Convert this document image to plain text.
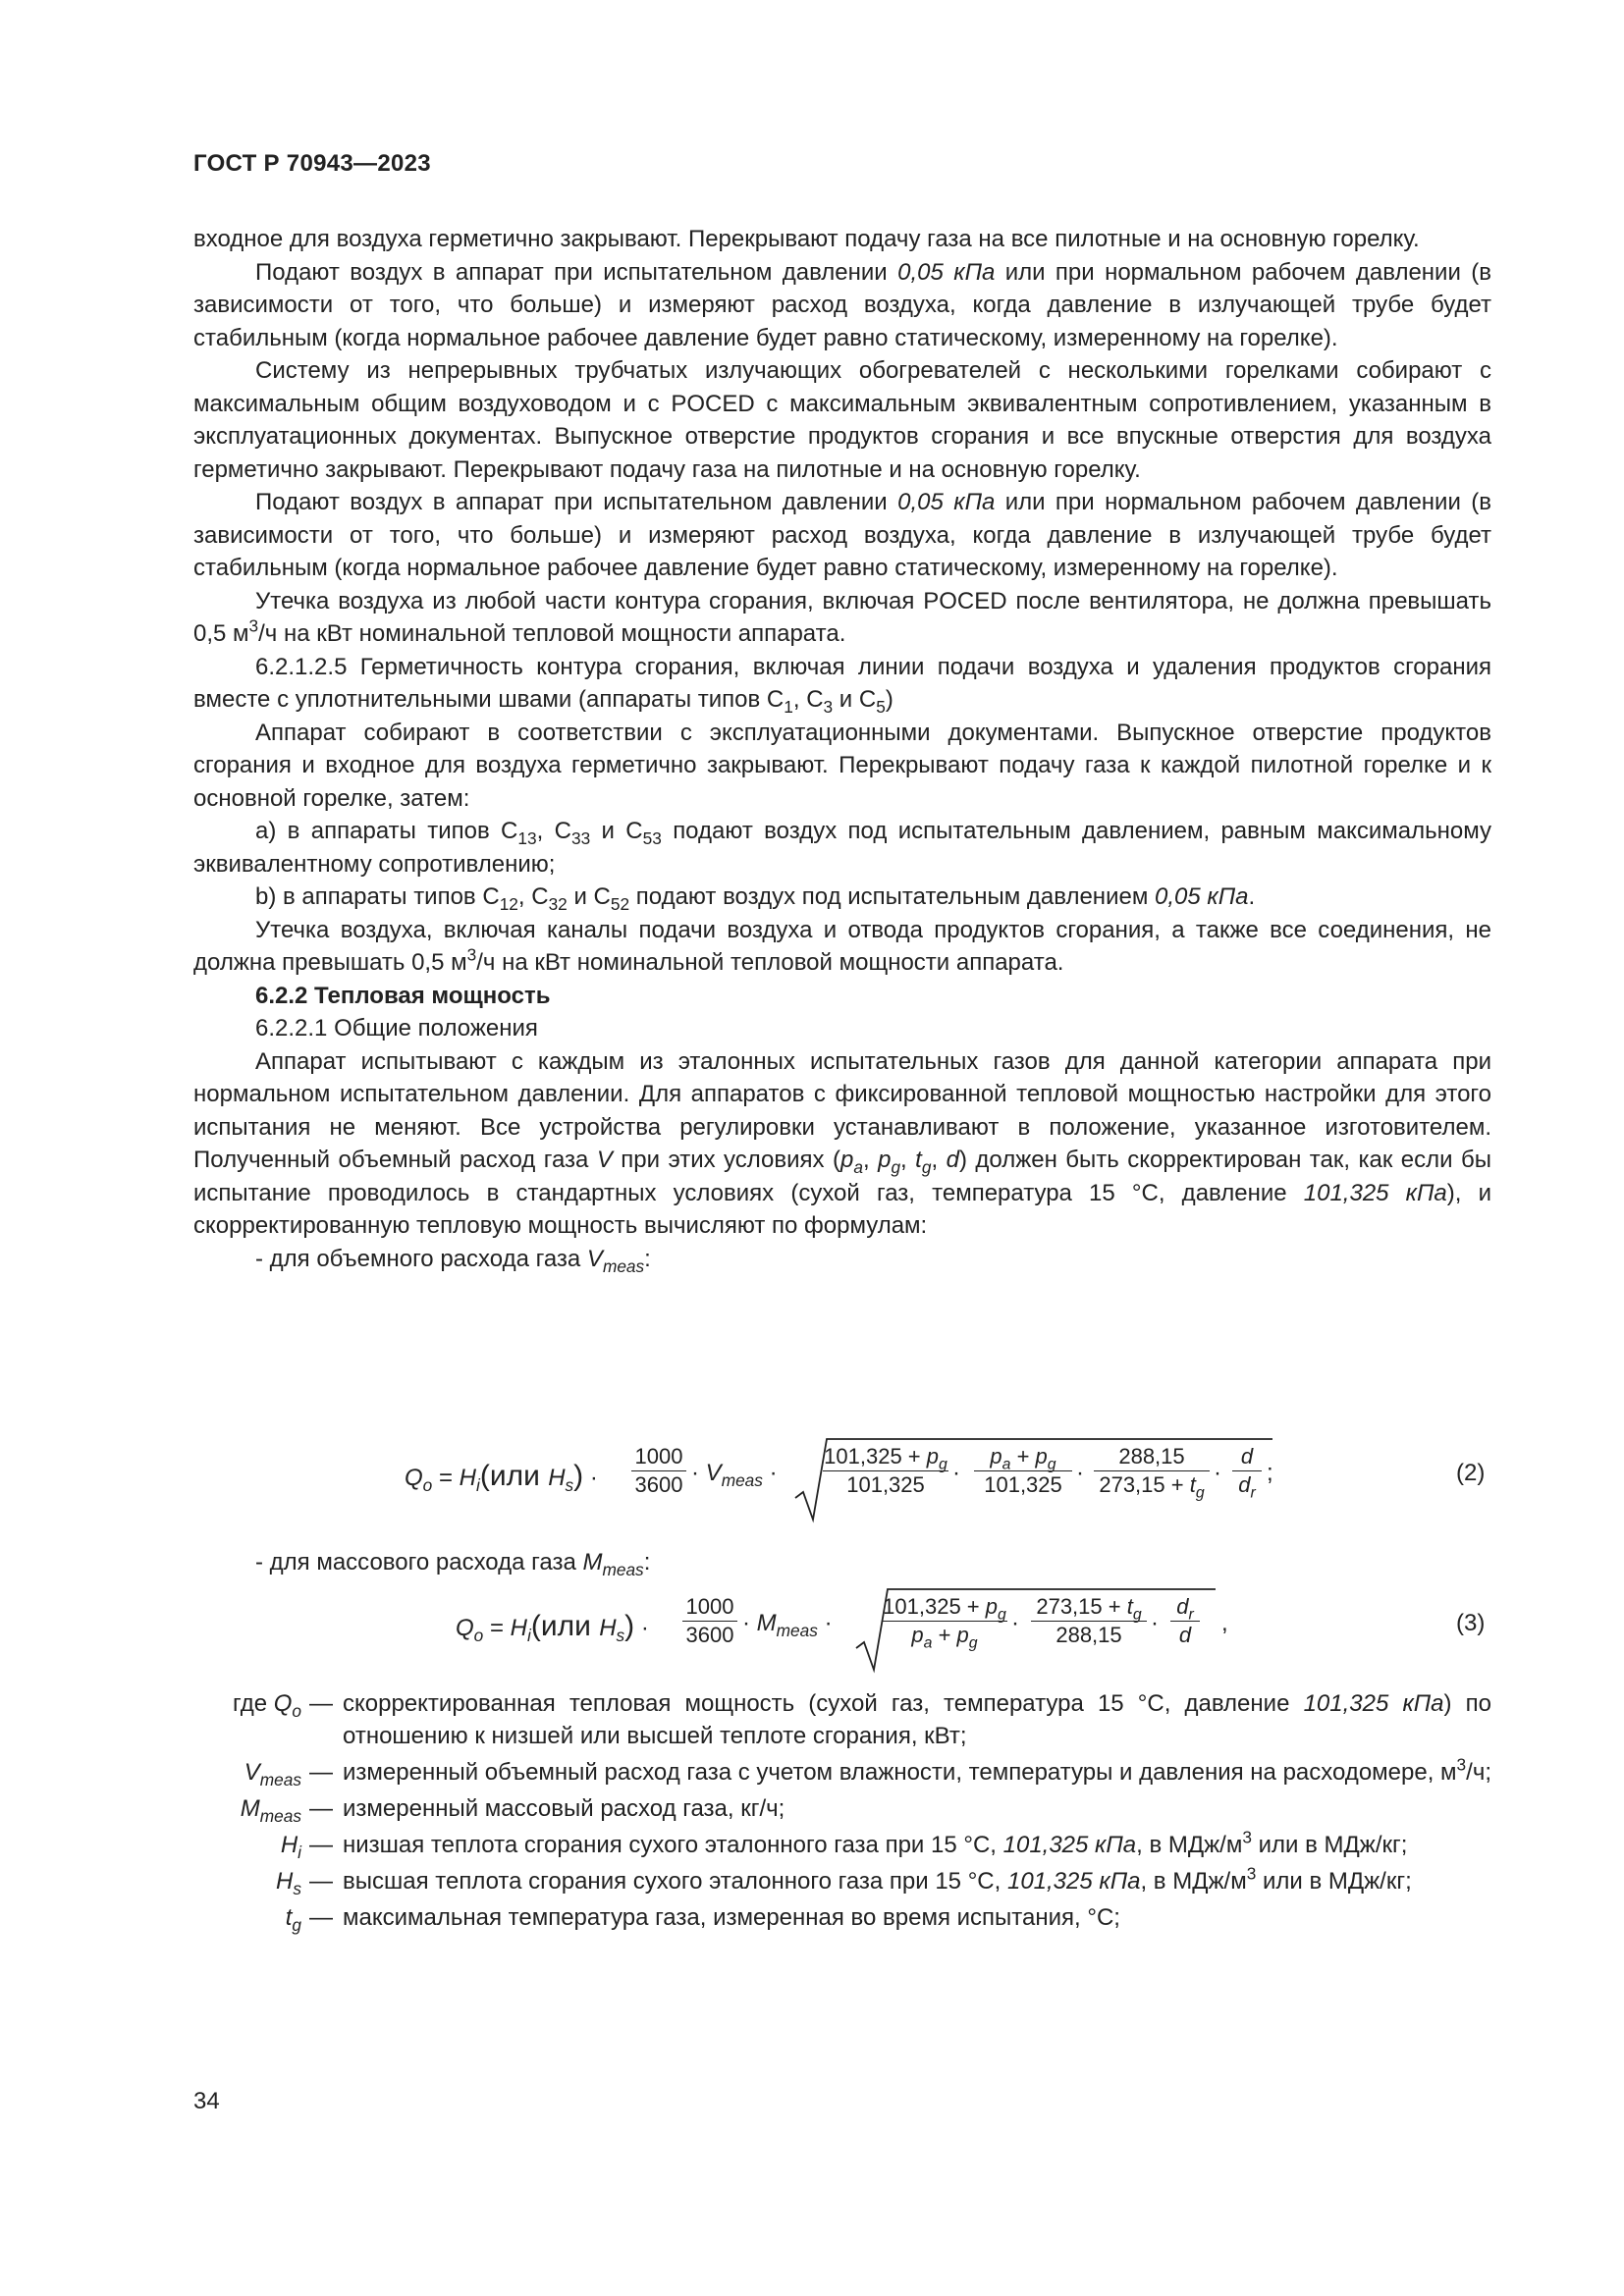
ГОСТ Р 70943—2023

входное для воздуха герметично закрывают. Перекрывают подачу газа на все пилотные и на основную горелку.

Подают воздух в аппарат при испытательном давлении 0,05 кПа или при нормальном рабочем давлении (в зависимости от того, что больше) и измеряют расход воздуха, когда давление в излучающей трубе будет стабильным (когда нормальное рабочее давление будет равно статическому, измеренному на горелке).

Систему из непрерывных трубчатых излучающих обогревателей с несколькими горелками собирают с максимальным общим воздуховодом и с POCED с максимальным эквивалентным сопротивлением, указанным в эксплуатационных документах. Выпускное отверстие продуктов сгорания и все впускные отверстия для воздуха герметично закрывают. Перекрывают подачу газа на пилотные и на основную горелку.

Подают воздух в аппарат при испытательном давлении 0,05 кПа или при нормальном рабочем давлении (в зависимости от того, что больше) и измеряют расход воздуха, когда давление в излучающей трубе будет стабильным (когда нормальное рабочее давление будет равно статическому, измеренному на горелке).

Утечка воздуха из любой части контура сгорания, включая POCED после вентилятора, не должна превышать 0,5 $м^3/ч$ на кВт номинальной тепловой мощности аппарата.

6.2.1.2.5 Герметичность контура сгорания, включая линии подачи воздуха и удаления продуктов сгорания вместе с уплотнительными швами (аппараты типов $С_1$, $С_3$ и $С_5$)

Аппарат собирают в соответствии с эксплуатационными документами. Выпускное отверстие продуктов сгорания и входное для воздуха герметично закрывают. Перекрывают подачу газа к каждой пилотной горелке и к основной горелке, затем:

а) в аппараты типов $С_{13}$, $С_{33}$ и $С_{53}$ подают воздух под испытательным давлением, равным максимальному эквивалентному сопротивлению;

b) в аппараты типов $С_{12}$, $С_{32}$ и $С_{52}$ подают воздух под испытательным давлением 0,05 кПа.

Утечка воздуха, включая каналы подачи воздуха и отвода продуктов сгорания, а также все соединения, не должна превышать 0,5 $м^3/ч$ на кВт номинальной тепловой мощности аппарата.

6.2.2 Тепловая мощность

6.2.2.1 Общие положения

Аппарат испытывают с каждым из эталонных испытательных газов для данной категории аппарата при нормальном испытательном давлении. Для аппаратов с фиксированной тепловой мощностью настройки для этого испытания не меняют. Все устройства регулировки устанавливают в положение, указанное изготовителем. Полученный объемный расход газа V при этих условиях ($p_a$, $p_g$, $t_g$, d) должен быть скорректирован так, как если бы испытание проводилось в стандартных условиях (сухой газ, температура 15 °С, давление 101,325 кПа), и скорректированную тепловую мощность вычисляют по формулам:

- для объемного расхода газа $V_{meas}$:

$Q_o = H_i(или$ $H_s) \cdot \frac{1000}{3600} \cdot V_{meas} \cdot \frac{101,325 + p_g}{101,325} \cdot \frac{p_a + p_g}{101,325} \cdot \frac{288,15}{273,15 + t_g} \cdot \frac{d}{d_r}$ ;	(2)
- для массового расхода газа $M_{meas}$:
$Q_o = H_i(или$ $H_s) \cdot \frac{1000}{3600} \cdot M_{meas} \cdot \frac{101,325 + p_g}{p_a + p_g} \cdot \frac{273,15 + t_g}{288,15} \cdot \frac{d_r}{d}$ ,	(3)
где $Q_o$ — скорректированная тепловая мощность (сухой газ, температура 15 °С, давление 101,325 кПа) по отношению к низшей или высшей теплоте сгорания, кВт;
$V_{meas}$ — измеренный объемный расход газа с учетом влажности, температуры и давления на расходомере, $м^3/ч$;
$M_{meas}$ — измеренный массовый расход газа, кг/ч;
$H_i$ — низшая теплота сгорания сухого эталонного газа при 15 °С, 101,325 кПа, в МДж/$м^3$ или в МДж/кг;
$H_s$ — высшая теплота сгорания сухого эталонного газа при 15 °С, 101,325 кПа, в МДж/$м^3$ или в МДж/кг;
$t_g$ — максимальная температура газа, измеренная во время испытания, °С;
34
